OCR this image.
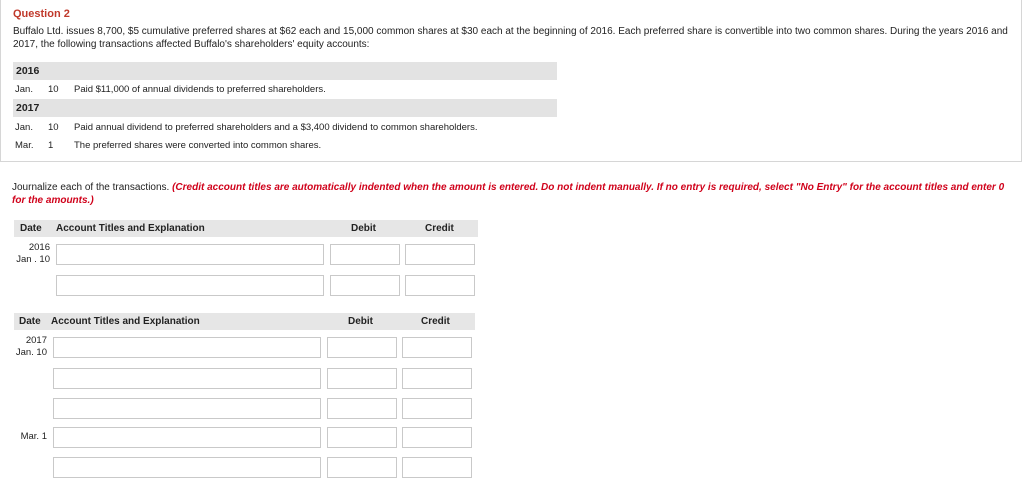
Question 2
Buffalo Ltd. issues 8,700, $5 cumulative preferred shares at $62 each and 15,000 common shares at $30 each at the beginning of 2016. Each preferred share is convertible into two common shares. During the years 2016 and 2017, the following transactions affected Buffalo's shareholders' equity accounts:
2016
Jan. 10 Paid $11,000 of annual dividends to preferred shareholders.
2017
Jan. 10 Paid annual dividend to preferred shareholders and a $3,400 dividend to common shareholders.
Mar. 1 The preferred shares were converted into common shares.
Journalize each of the transactions. (Credit account titles are automatically indented when the amount is entered. Do not indent manually. If no entry is required, select "No Entry" for the account titles and enter 0 for the amounts.)
Date Account Titles and Explanation	Debit	Credit
2016
Jan . 10
Date Account Titles and Explanation	Debit	Credit
2017
Jan. 10
Mar. 1
